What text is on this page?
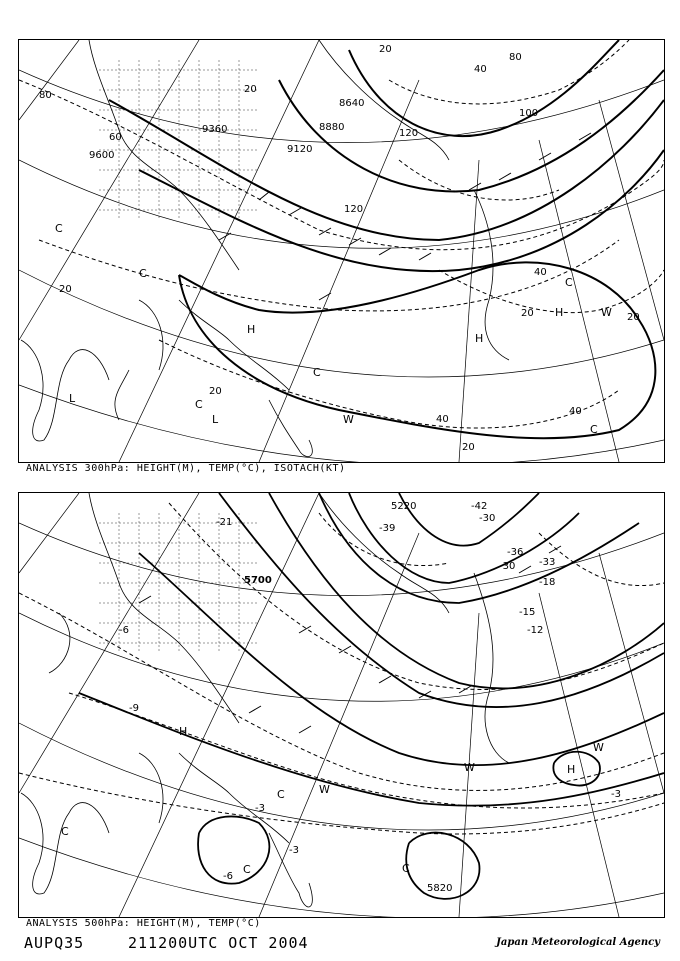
9600
9360
9120
8880
8640
20
20
20	20
20
40
40
40
40
60
80
80
100
120
120
20
20
C
C
C
C
C
C
L
L
H
H
H
W
W
ANALYSIS 300hPa: HEIGHT(M), TEMP(°C), ISOTACH(KT)
5700
5220
5820
-42
-39
-36
-33
-30
-30
-21
-18
-15
-12
-9
-6
-3
-3
-6
-3
C
C	C
C
H
H
W
W
W
ANALYSIS 500hPa: HEIGHT(M), TEMP(°C)
AUPQ35	211200UTC OCT 2004	Japan Meteorological Agency
